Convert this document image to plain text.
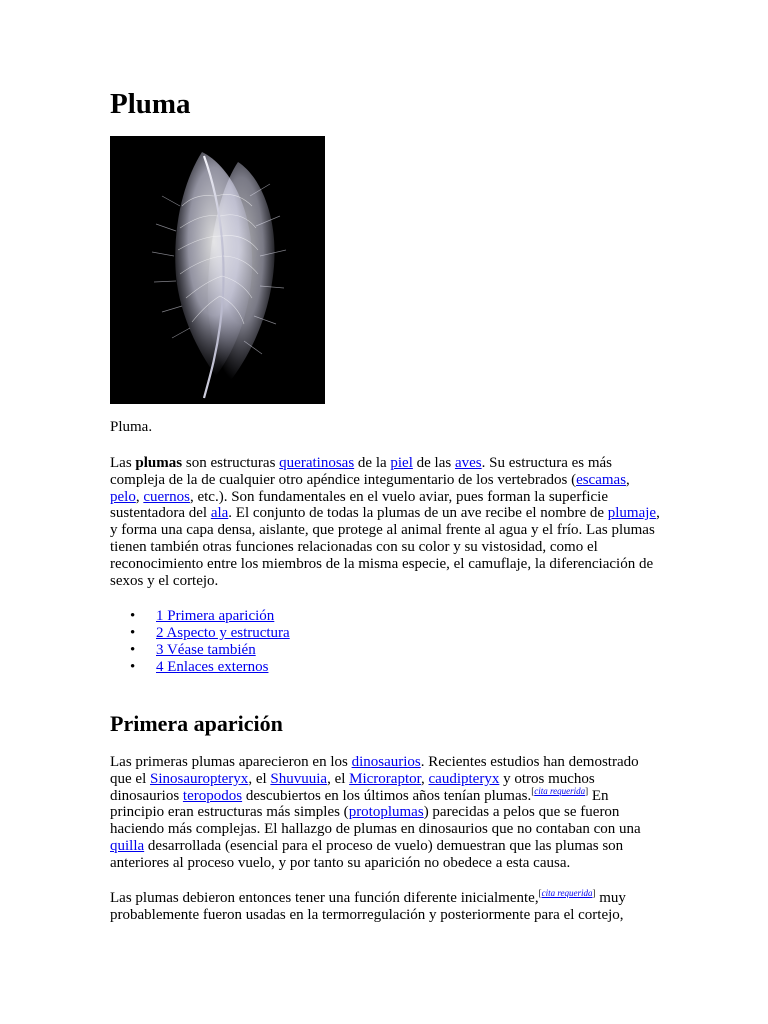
Pluma
Pluma.

Las plumas son estructuras queratinosas de la piel de las aves. Su estructura es más compleja de la de cualquier otro apéndice integumentario de los vertebrados (escamas, pelo, cuernos, etc.). Son fundamentales en el vuelo aviar, pues forman la superficie sustentadora del ala. El conjunto de todas la plumas de un ave recibe el nombre de plumaje, y forma una capa densa, aislante, que protege al animal frente al agua y el frío. Las plumas tienen también otras funciones relacionadas con su color y su vistosidad, como el reconocimiento entre los miembros de la misma especie, el camuflaje, la diferenciación de sexos y el cortejo.

• 1 Primera aparición
• 2 Aspecto y estructura
• 3 Véase también
• 4 Enlaces externos
Primera aparición

Las primeras plumas aparecieron en los dinosaurios. Recientes estudios han demostrado que el Sinosauropteryx, el Shuvuuia, el Microraptor, caudipteryx y otros muchos dinosaurios teropodos descubiertos en los últimos años tenían plumas.[cita requerida] En principio eran estructuras más simples (protoplumas) parecidas a pelos que se fueron haciendo más complejas. El hallazgo de plumas en dinosaurios que no contaban con una quilla desarrollada (esencial para el proceso de vuelo) demuestran que las plumas son anteriores al proceso vuelo, y por tanto su aparición no obedece a esta causa.

Las plumas debieron entonces tener una función diferente inicialmente,[cita requerida] muy probablemente fueron usadas en la termorregulación y posteriormente para el cortejo,
